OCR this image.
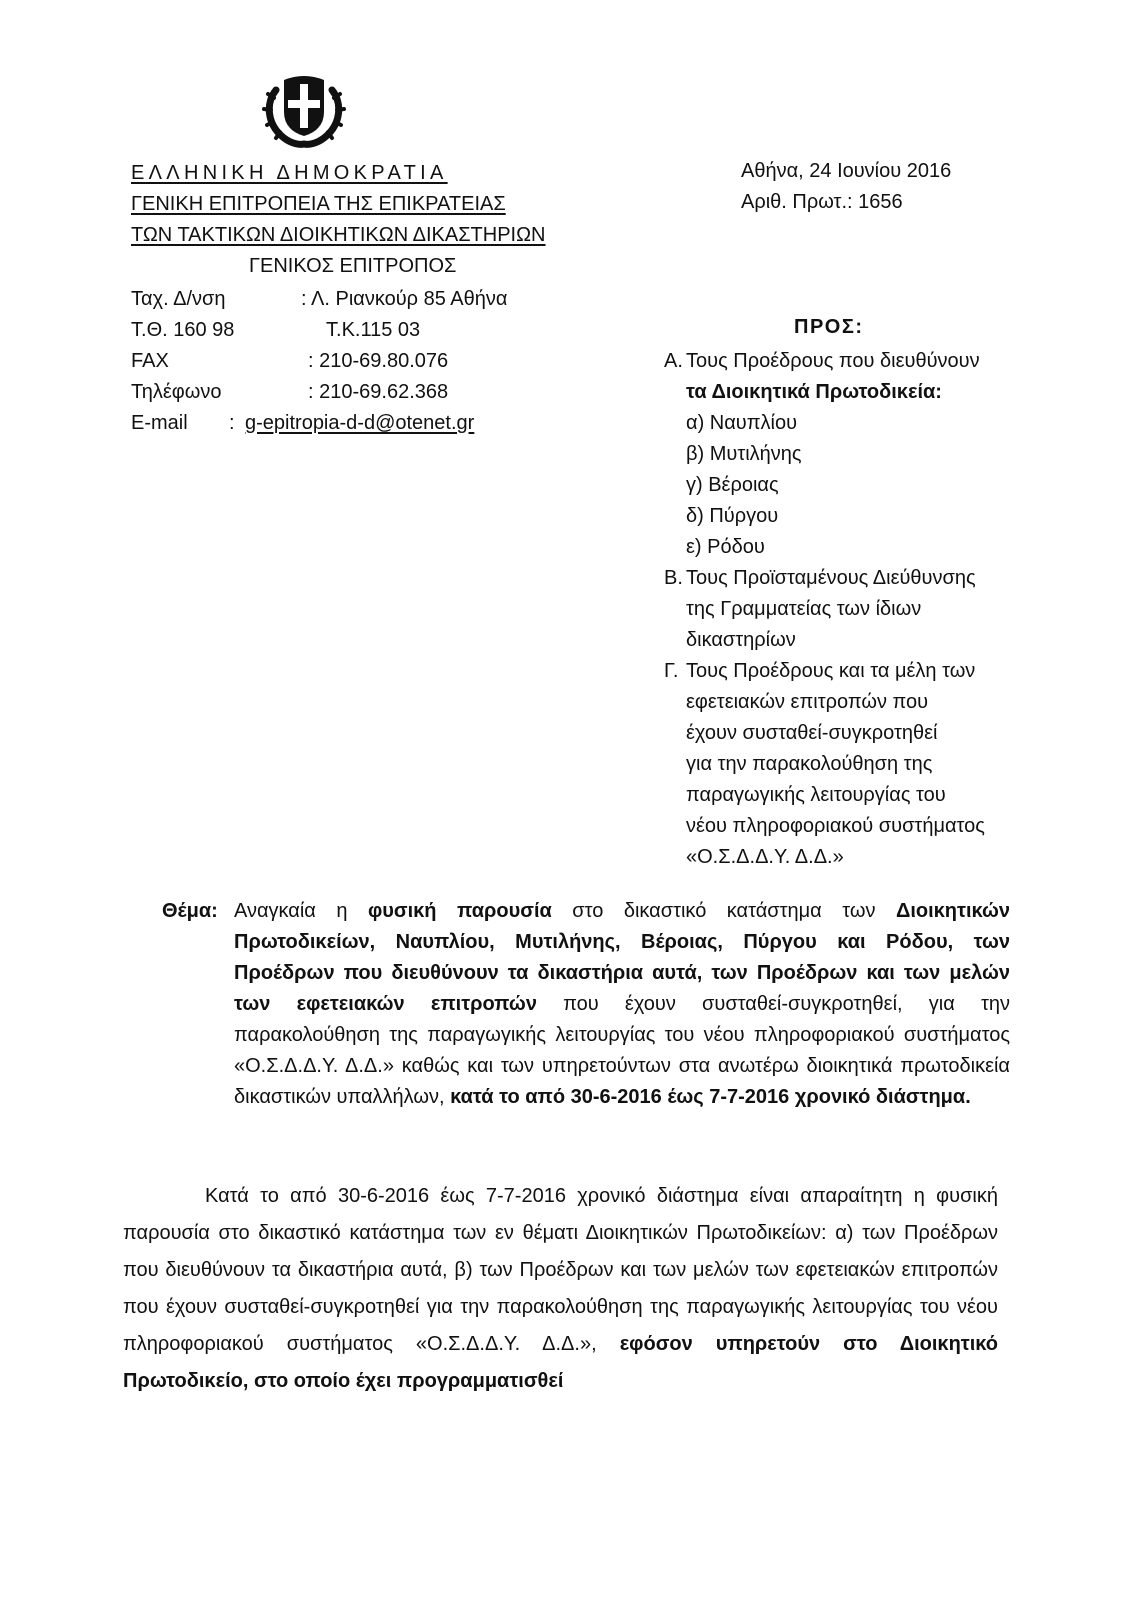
ΕΛΛΗΝΙΚΗ ΔΗΜΟΚΡΑΤΙΑ
ΓΕΝΙΚΗ ΕΠΙΤΡΟΠΕΙΑ ΤΗΣ ΕΠΙΚΡΑΤΕΙΑΣ
ΤΩΝ ΤΑΚΤΙΚΩΝ ΔΙΟΙΚΗΤΙΚΩΝ ΔΙΚΑΣΤΗΡΙΩΝ
ΓΕΝΙΚΟΣ ΕΠΙΤΡΟΠΟΣ
Ταχ. Δ/νση	: Λ. Ριανκούρ 85 Αθήνα
Τ.Θ. 160 98	Τ.Κ.115 03
FAX	: 210-69.80.076
Τηλέφωνο	: 210-69.62.368
E-mail : g-epitropia-d-d@otenet.gr
Αθήνα, 24 Ιουνίου 2016
Αριθ. Πρωτ.: 1656
ΠΡΟΣ:
Α. Τους Προέδρους που διευθύνουν
τα Διοικητικά Πρωτοδικεία:
α) Ναυπλίου
β) Μυτιλήνης
γ) Βέροιας
δ) Πύργου
ε) Ρόδου
Β. Τους Προϊσταμένους Διεύθυνσης
της Γραμματείας των ίδιων
δικαστηρίων
Γ. Τους Προέδρους και τα μέλη των
εφετειακών επιτροπών που
έχουν συσταθεί-συγκροτηθεί
για την παρακολούθηση της
παραγωγικής λειτουργίας του
νέου πληροφοριακού συστήματος
«Ο.Σ.Δ.Δ.Υ. Δ.Δ.»
Θέμα: Αναγκαία η φυσική παρουσία στο δικαστικό κατάστημα των Διοικητικών Πρωτοδικείων, Ναυπλίου, Μυτιλήνης, Βέροιας, Πύργου και Ρόδου, των Προέδρων που διευθύνουν τα δικαστήρια αυτά, των Προέδρων και των μελών των εφετειακών επιτροπών που έχουν συσταθεί-συγκροτηθεί, για την παρακολούθηση της παραγωγικής λειτουργίας του νέου πληροφοριακού συστήματος «Ο.Σ.Δ.Δ.Υ. Δ.Δ.» καθώς και των υπηρετούντων στα ανωτέρω διοικητικά πρωτοδικεία δικαστικών υπαλλήλων, κατά το από 30-6-2016 έως 7-7-2016 χρονικό διάστημα.

Κατά το από 30-6-2016 έως 7-7-2016 χρονικό διάστημα είναι απαραίτητη η φυσική παρουσία στο δικαστικό κατάστημα των εν θέματι Διοικητικών Πρωτοδικείων: α) των Προέδρων που διευθύνουν τα δικαστήρια αυτά, β) των Προέδρων και των μελών των εφετειακών επιτροπών που έχουν συσταθεί-συγκροτηθεί για την παρακολούθηση της παραγωγικής λειτουργίας του νέου πληροφοριακού συστήματος «Ο.Σ.Δ.Δ.Υ. Δ.Δ.», εφόσον υπηρετούν στο Διοικητικό Πρωτοδικείο, στο οποίο έχει προγραμματισθεί
